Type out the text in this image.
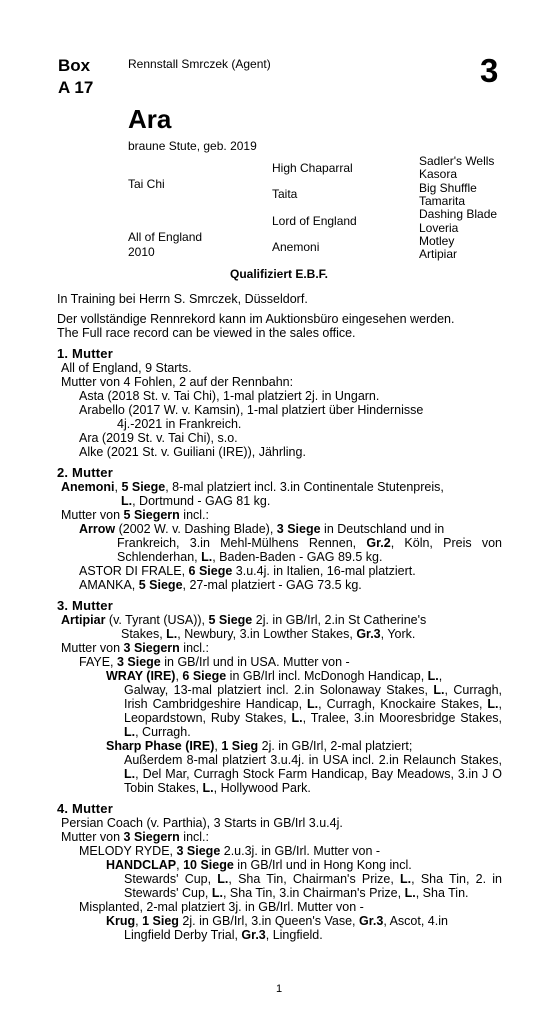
Box
A 17
Rennstall Smrczek (Agent)	3
Ara
braune Stute, geb. 2019
Tai Chi
All of England
2010
High Chaparral
Taita
Lord of England
Anemoni
Sadler's Wells
Kasora
Big Shuffle
Tamarita
Dashing Blade
Loveria
Motley
Artipiar
Qualifiziert E.B.F.

In Training bei Herrn S. Smrczek, Düsseldorf.

Der vollständige Rennrekord kann im Auktionsbüro eingesehen werden.

The Full race record can be viewed in the sales office.

1. Mutter

All of England, 9 Starts.

Mutter von 4 Fohlen, 2 auf der Rennbahn:

Asta (2018 St. v. Tai Chi), 1-mal platziert 2j. in Ungarn.

Arabello (2017 W. v. Kamsin), 1-mal platziert über Hindernisse
4j.-2021 in Frankreich.

Ara (2019 St. v. Tai Chi), s.o.

Alke (2021 St. v. Guiliani (IRE)), Jährling.

2. Mutter

Anemoni, 5 Siege, 8-mal platziert incl. 3.in Continentale Stutenpreis,
L., Dortmund - GAG 81 kg.

Mutter von 5 Siegern incl.:

Arrow (2002 W. v. Dashing Blade), 3 Siege in Deutschland und in
Frankreich, 3.in Mehl-Mülhens Rennen, Gr.2, Köln, Preis von Schlenderhan, L., Baden-Baden - GAG 89.5 kg.

ASTOR DI FRALE, 6 Siege 3.u.4j. in Italien, 16-mal platziert.

AMANKA, 5 Siege, 27-mal platziert - GAG 73.5 kg.

3. Mutter

Artipiar (v. Tyrant (USA)), 5 Siege 2j. in GB/Irl, 2.in St Catherine's
Stakes, L., Newbury, 3.in Lowther Stakes, Gr.3, York.

Mutter von 3 Siegern incl.:

FAYE, 3 Siege in GB/Irl und in USA. Mutter von -

WRAY (IRE), 6 Siege in GB/Irl incl. McDonogh Handicap, L.,
Galway, 13-mal platziert incl. 2.in Solonaway Stakes, L., Curragh, Irish Cambridgeshire Handicap, L., Curragh, Knockaire Stakes, L., Leopardstown, Ruby Stakes, L., Tralee, 3.in Mooresbridge Stakes, L., Curragh.

Sharp Phase (IRE), 1 Sieg 2j. in GB/Irl, 2-mal platziert;
Außerdem 8-mal platziert 3.u.4j. in USA incl. 2.in Relaunch Stakes, L., Del Mar, Curragh Stock Farm Handicap, Bay Meadows, 3.in J O Tobin Stakes, L., Hollywood Park.

4. Mutter

Persian Coach (v. Parthia), 3 Starts in GB/Irl 3.u.4j.

Mutter von 3 Siegern incl.:

MELODY RYDE, 3 Siege 2.u.3j. in GB/Irl. Mutter von -

HANDCLAP, 10 Siege in GB/Irl und in Hong Kong incl.
Stewards' Cup, L., Sha Tin, Chairman's Prize, L., Sha Tin, 2. in Stewards' Cup, L., Sha Tin, 3.in Chairman's Prize, L., Sha Tin.

Misplanted, 2-mal platziert 3j. in GB/Irl. Mutter von -

Krug, 1 Sieg 2j. in GB/Irl, 3.in Queen's Vase, Gr.3, Ascot, 4.in
Lingfield Derby Trial, Gr.3, Lingfield.

1
